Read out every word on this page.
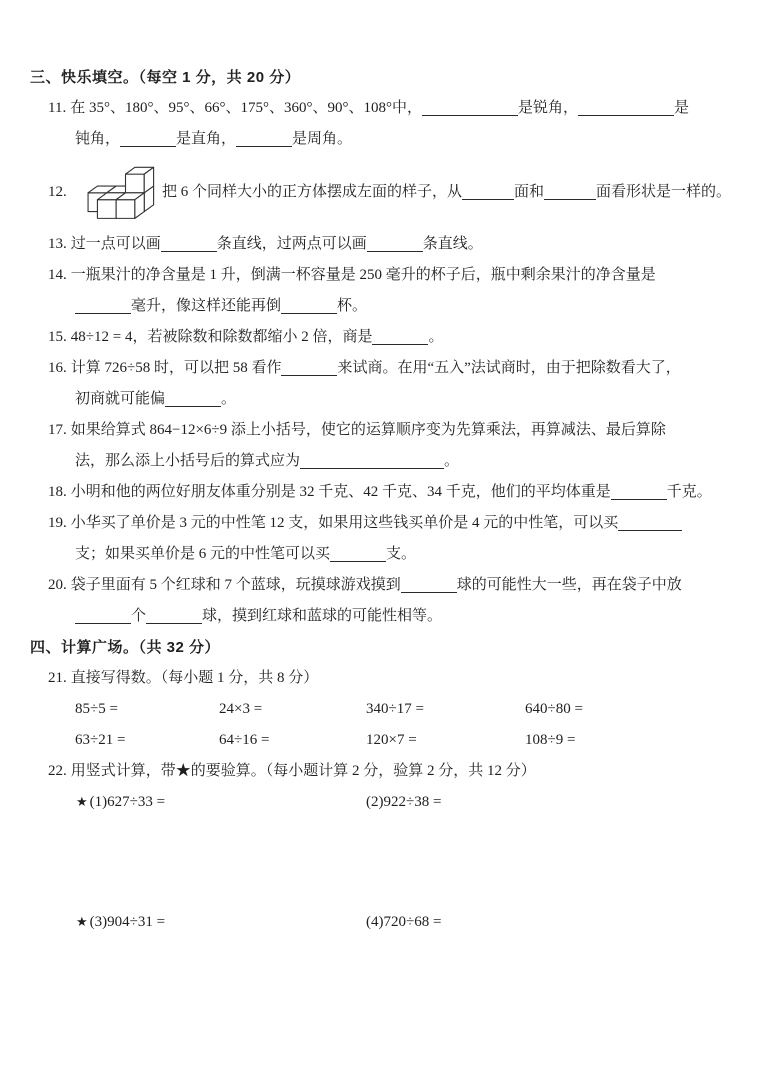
三、快乐填空。（每空 1 分，共 20 分）

11. 在 35°、180°、95°、66°、175°、360°、90°、108°中，	是锐角，	是
钝角，	是直角，	是周角。

12.	把 6 个同样大小的正方体摆成左面的样子，从	面和	面看形状是一样的。

13. 过一点可以画	条直线，过两点可以画	条直线。

14. 一瓶果汁的净含量是 1 升，倒满一杯容量是 250 毫升的杯子后，瓶中剩余果汁的净含量是
毫升，像这样还能再倒	杯。

15. 48÷12 = 4，若被除数和除数都缩小 2 倍，商是	。

16. 计算 726÷58 时，可以把 58 看作	来试商。在用“五入”法试商时，由于把除数看大了，
初商就可能偏	。

17. 如果给算式 864−12×6÷9 添上小括号，使它的运算顺序变为先算乘法，再算减法、最后算除
法，那么添上小括号后的算式应为	。

18. 小明和他的两位好朋友体重分别是 32 千克、42 千克、34 千克，他们的平均体重是	千克。

19. 小华买了单价是 3 元的中性笔 12 支，如果用这些钱买单价是 4 元的中性笔，可以买
支；如果买单价是 6 元的中性笔可以买	支。

20. 袋子里面有 5 个红球和 7 个蓝球，玩摸球游戏摸到	球的可能性大一些，再在袋子中放
个	球，摸到红球和蓝球的可能性相等。

四、计算广场。（共 32 分）

21. 直接写得数。（每小题 1 分，共 8 分）

85÷5 =	24×3 =	340÷17 =	640÷80 =
63÷21 =	64÷16 =	120×7 =	108÷9 =

22. 用竖式计算，带★的要验算。（每小题计算 2 分，验算 2 分，共 12 分）

★ (1)627÷33 =	(2)922÷38 =
★ (3)904÷31 =	(4)720÷68 =
